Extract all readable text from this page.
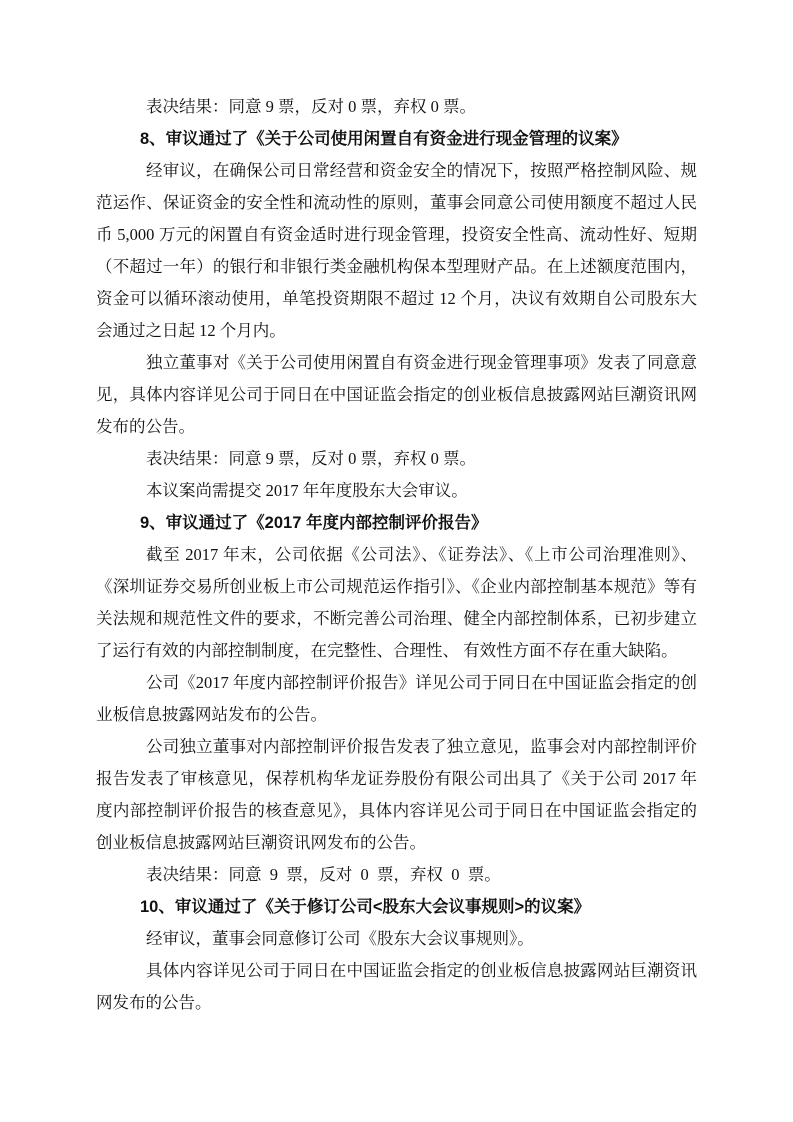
表决结果：同意 9 票，反对 0 票，弃权 0 票。

8、审议通过了《关于公司使用闲置自有资金进行现金管理的议案》

经审议，在确保公司日常经营和资金安全的情况下，按照严格控制风险、规范运作、保证资金的安全性和流动性的原则，董事会同意公司使用额度不超过人民币 5,000 万元的闲置自有资金适时进行现金管理，投资安全性高、流动性好、短期（不超过一年）的银行和非银行类金融机构保本型理财产品。在上述额度范围内，资金可以循环滚动使用，单笔投资期限不超过 12 个月，决议有效期自公司股东大会通过之日起 12 个月内。

独立董事对《关于公司使用闲置自有资金进行现金管理事项》发表了同意意见，具体内容详见公司于同日在中国证监会指定的创业板信息披露网站巨潮资讯网发布的公告。

表决结果：同意 9 票，反对 0 票，弃权 0 票。

本议案尚需提交 2017 年年度股东大会审议。

9、审议通过了《2017 年度内部控制评价报告》

截至 2017 年末，公司依据《公司法》、《证券法》、《上市公司治理准则》、《深圳证券交易所创业板上市公司规范运作指引》、《企业内部控制基本规范》等有关法规和规范性文件的要求，不断完善公司治理、健全内部控制体系，已初步建立了运行有效的内部控制制度，在完整性、合理性、 有效性方面不存在重大缺陷。

公司《2017 年度内部控制评价报告》详见公司于同日在中国证监会指定的创业板信息披露网站发布的公告。

公司独立董事对内部控制评价报告发表了独立意见，监事会对内部控制评价报告发表了审核意见，保荐机构华龙证券股份有限公司出具了《关于公司 2017 年度内部控制评价报告的核查意见》，具体内容详见公司于同日在中国证监会指定的创业板信息披露网站巨潮资讯网发布的公告。

表决结果：同意 9 票，反对 0 票，弃权 0 票。

10、审议通过了《关于修订公司<股东大会议事规则>的议案》

经审议，董事会同意修订公司《股东大会议事规则》。

具体内容详见公司于同日在中国证监会指定的创业板信息披露网站巨潮资讯网发布的公告。
